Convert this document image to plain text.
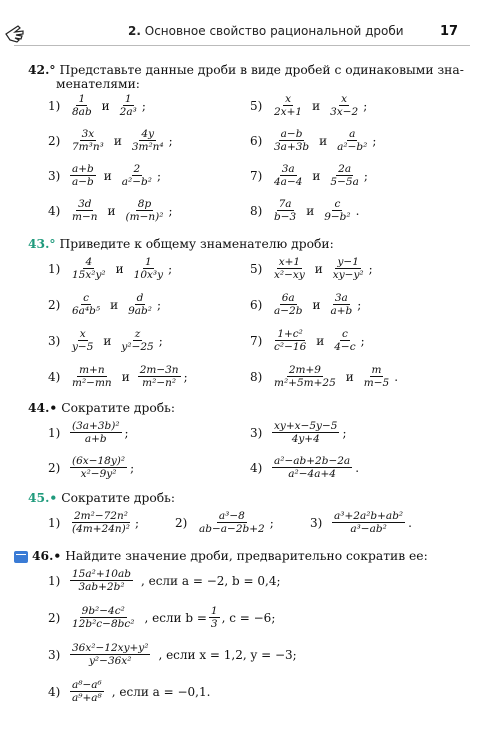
2. Основное свойство рациональной дроби	17
42.° Представьте данные дроби в виде дробей с одинаковыми зна-
менателями:
$1) \frac{1}{8ab}$ и $\frac{1}{\text{2a³}}$ ;
$2) \frac{3x}{\text{7m³n³}}$ и $\frac{4y}{\text{3m²n⁴}}$ ;
$3) \frac{a+b}{a-b}$ и $\frac{2}{\text{a²−b²}}$ ;
$4) \frac{3d}{m-n}$ и $\frac{8p}{\text{(m−n)²}}$ ;
$5) \frac{x}{2x+1}$ и $\frac{x}{3x-2}$ ;
$6) \frac{a-b}{3a+3b}$ и $\frac{a}{\text{a²−b²}}$ ;
$7) \frac{3a}{4a-4}$ и $\frac{2a}{5-5a}$ ;
$8) \frac{7a}{b-3}$ и $\frac{c}{\text{9−b²}}$ .
43.° Приведите к общему знаменателю дроби:
$1) \frac{4}{\text{15x²y²}}$ и $\frac{1}{\text{10x³y}}$ ;
$2) \frac{c}{\text{6a⁴b⁵}}$ и $\frac{d}{\text{9ab²}}$ ;
$3) \frac{x}{y-5}$ и $\frac{z}{\text{y²−25}}$ ;
$4) \frac{m+n}{\text{m²−mn}}$ и $\frac{2m-3n}{\text{m²−n²}}$ ;
$5) \frac{x+1}{\text{x²−xy}}$ и $\frac{y-1}{\text{xy−y²}}$ ;
$6) \frac{6a}{a-2b}$ и $\frac{3a}{a+b}$ ;
$7) \frac{\text{1+c²}}{\text{c²−16}}$ и $\frac{c}{4-c}$ ;
$8) \frac{2m+9}{\text{m²+5m+25}}$ и $\frac{m}{m-5}$ .
44.• Сократите дробь:
$1) \frac{\text{(3a+3b)²}}{a+b}$ ;
$2) \frac{\text{(6x−18y)²}}{\text{x²−9y²}}$ ;
$3) \frac{xy+x-5y-5}{4y+4}$ ;
$4) \frac{\text{a²−ab+2b−2a}}{\text{a²−4a+4}}$ .
45.• Сократите дробь:
$1) \frac{\text{2m²−72n²}}{\text{(4m+24n)²}}$ ;	$2) \frac{\text{a³−8}}{ab-a-2b+2}$ ;	$3) \frac{\text{a³+2a²b+ab²}}{\text{a³−ab²}}$ .
46.• Найдите значение дроби, предварительно сократив ее:
$1) \frac{\text{15a²+10ab}}{\text{3ab+2b²}}$ , если a = −2, b = 0,4;
$2) \frac{\text{9b²−4c²}}{\text{12b²c−8bc²}}$ , если $b = \frac{1}{3}$ , c = −6;
$3) \frac{\text{36x²−12xy+y²}}{\text{y²−36x²}}$ , если x = 1,2, y = −3;
$4) \frac{\text{a⁸−a⁶}}{\text{a⁹+a⁸}}$ , если a = −0,1.
